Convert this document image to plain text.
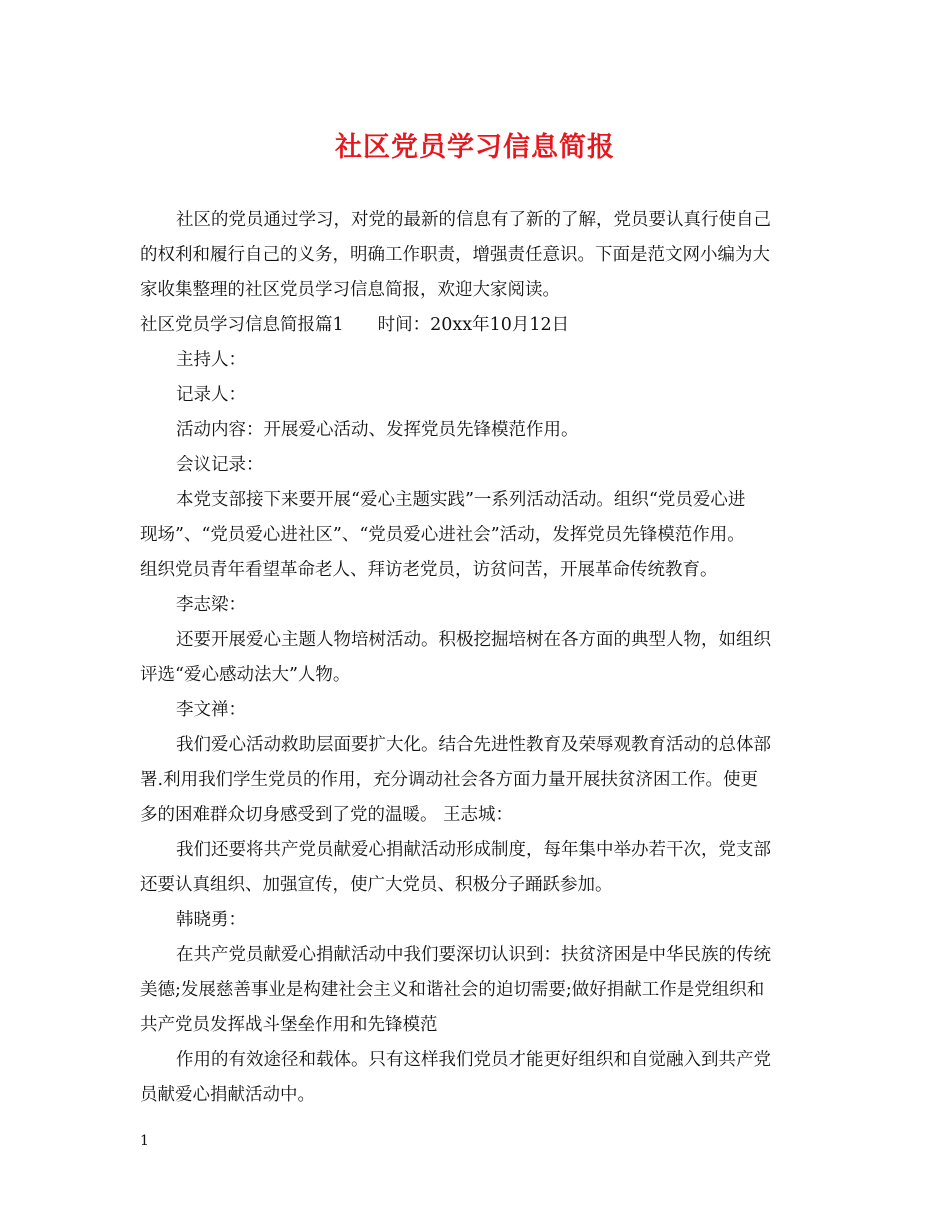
社区党员学习信息简报
社区的党员通过学习，对党的最新的信息有了新的了解，党员要认真行使自己
的权利和履行自己的义务，明确工作职责，增强责任意识。下面是范文网小编为大
家收集整理的社区党员学习信息简报，欢迎大家阅读。
社区党员学习信息简报篇1 时间：20xx年10月12日
主持人：
记录人：
活动内容：开展爱心活动、发挥党员先锋模范作用。
会议记录：
本党支部接下来要开展“爱心主题实践”一系列活动活动。组织“党员爱心进
现场”、“党员爱心进社区”、“党员爱心进社会”活动，发挥党员先锋模范作用。
组织党员青年看望革命老人、拜访老党员，访贫问苦，开展革命传统教育。
李志梁：
还要开展爱心主题人物培树活动。积极挖掘培树在各方面的典型人物，如组织
评选“爱心感动法大”人物。
李文禅：
我们爱心活动救助层面要扩大化。结合先进性教育及荣辱观教育活动的总体部
署.利用我们学生党员的作用，充分调动社会各方面力量开展扶贫济困工作。使更
多的困难群众切身感受到了党的温暖。 王志城：
我们还要将共产党员献爱心捐献活动形成制度，每年集中举办若干次，党支部
还要认真组织、加强宣传，使广大党员、积极分子踊跃参加。
韩晓勇：
在共产党员献爱心捐献活动中我们要深切认识到：扶贫济困是中华民族的传统
美德;发展慈善事业是构建社会主义和谐社会的迫切需要;做好捐献工作是党组织和
共产党员发挥战斗堡垒作用和先锋模范
作用的有效途径和载体。只有这样我们党员才能更好组织和自觉融入到共产党
员献爱心捐献活动中。
1
